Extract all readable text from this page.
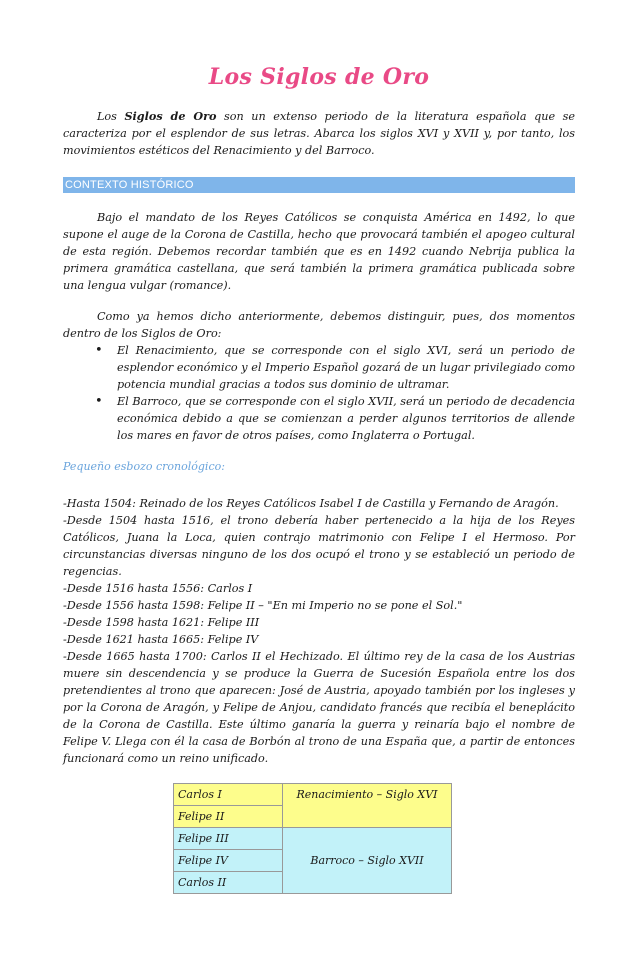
Los Siglos de Oro

Los Siglos de Oro son un extenso periodo de la literatura española que se caracteriza por el esplendor de sus letras. Abarca los siglos XVI y XVII y, por tanto, los movimientos estéticos del Renacimiento y del Barroco.

CONTEXTO HISTÓRICO

Bajo el mandato de los Reyes Católicos se conquista América en 1492, lo que supone el auge de la Corona de Castilla, hecho que provocará también el apogeo cultural de esta región. Debemos recordar también que es en 1492 cuando Nebrija publica la primera gramática castellana, que será también la primera gramática publicada sobre una lengua vulgar (romance).

Como ya hemos dicho anteriormente, debemos distinguir, pues, dos momentos dentro de los Siglos de Oro:

• El Renacimiento, que se corresponde con el siglo XVI, será un periodo de esplendor económico y el Imperio Español gozará de un lugar privilegiado como potencia mundial gracias a todos sus dominio de ultramar.
• El Barroco, que se corresponde con el siglo XVII, será un periodo de decadencia económica debido a que se comienzan a perder algunos territorios de allende los mares en favor de otros países, como Inglaterra o Portugal.
Pequeño esbozo cronológico:

-Hasta 1504: Reinado de los Reyes Católicos Isabel I de Castilla y Fernando de Aragón.

-Desde 1504 hasta 1516, el trono debería haber pertenecido a la hija de los Reyes Católicos, Juana la Loca, quien contrajo matrimonio con Felipe I el Hermoso. Por circunstancias diversas ninguno de los dos ocupó el trono y se estableció un periodo de regencias.

-Desde 1516 hasta 1556: Carlos I

-Desde 1556 hasta 1598: Felipe II – "En mi Imperio no se pone el Sol."

-Desde 1598 hasta 1621: Felipe III

-Desde 1621 hasta 1665: Felipe IV

-Desde 1665 hasta 1700: Carlos II el Hechizado. El último rey de la casa de los Austrias muere sin descendencia y se produce la Guerra de Sucesión Española entre los dos pretendientes al trono que aparecen: José de Austria, apoyado también por los ingleses y por la Corona de Aragón, y Felipe de Anjou, candidato francés que recibía el beneplácito de la Corona de Castilla. Este último ganaría la guerra y reinaría bajo el nombre de Felipe V. Llega con él la casa de Borbón al trono de una España que, a partir de entonces funcionará como un reino unificado.

Carlos I	Renacimiento – Siglo XVI
Felipe II	
Felipe III	Barroco – Siglo XVII
Felipe IV	
Carlos II	
